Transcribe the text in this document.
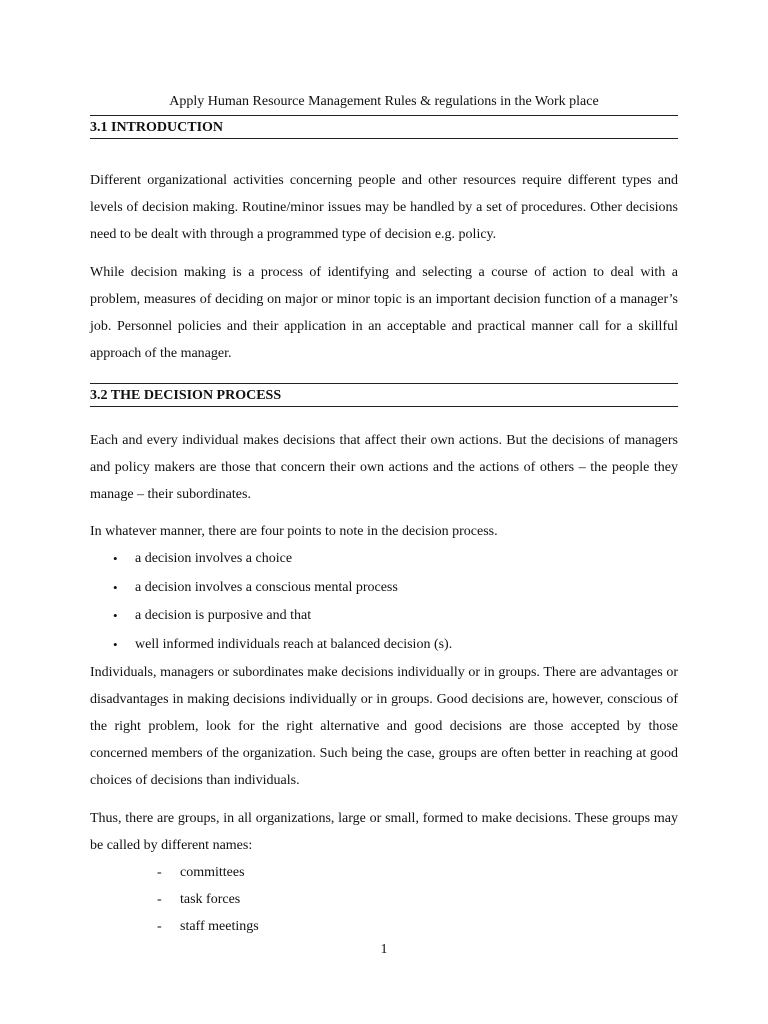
Apply Human Resource Management Rules & regulations in the Work place
3.1 INTRODUCTION

Different organizational activities concerning people and other resources require different types and levels of decision making. Routine/minor issues may be handled by a set of procedures. Other decisions need to be dealt with through a programmed type of decision e.g. policy.

While decision making is a process of identifying and selecting a course of action to deal with a problem, measures of deciding on major or minor topic is an important decision function of a manager’s job. Personnel policies and their application in an acceptable and practical manner call for a skillful approach of the manager.

3.2 THE DECISION PROCESS

Each and every individual makes decisions that affect their own actions. But the decisions of managers and policy makers are those that concern their own actions and the actions of others – the people they manage – their subordinates.

In whatever manner, there are four points to note in the decision process.

• a decision involves a choice
• a decision involves a conscious mental process
• a decision is purposive and that
• well informed individuals reach at balanced decision (s).

Individuals, managers or subordinates make decisions individually or in groups. There are advantages or disadvantages in making decisions individually or in groups. Good decisions are, however, conscious of the right problem, look for the right alternative and good decisions are those accepted by those concerned members of the organization. Such being the case, groups are often better in reaching at good choices of decisions than individuals.

Thus, there are groups, in all organizations, large or small, formed to make decisions. These groups may be called by different names:

- committees
- task forces
- staff meetings
1
